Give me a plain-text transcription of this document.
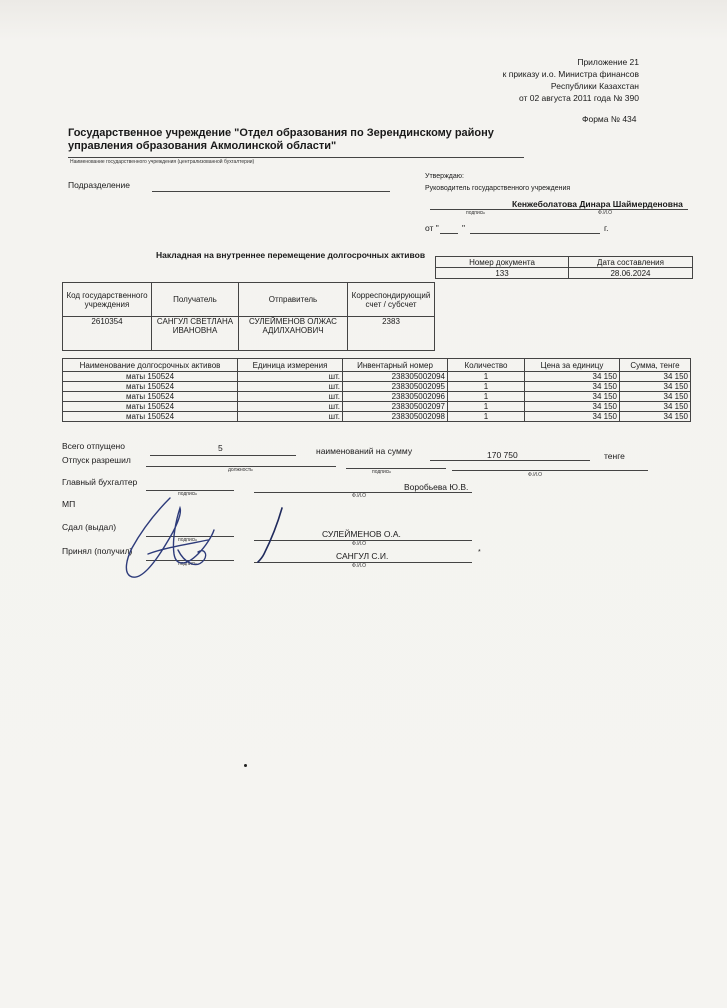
Приложение 21
к приказу и.о. Министра финансов
Республики Казахстан
от 02 августа 2011 года № 390
Форма № 434
Государственное учреждение "Отдел образования по Зерендинскому району управления образования Акмолинской области"
Наименование государственного учреждения (централизованной бухгалтерии)
Подразделение
Утверждаю:
Руководитель государственного учреждения
Кенжеболатова Динара Шаймерденовна
подпись	Ф.И.О
от "	"	г.
Накладная на внутреннее перемещение долгосрочных активов
Номер документа	Дата составления
133	28.06.2024
Код государственного учреждения	Получатель	Отправитель	Корреспондирующий счет / субсчет
2610354	САНГУЛ СВЕТЛАНА ИВАНОВНА	СУЛЕЙМЕНОВ ОЛЖАС АДИЛХАНОВИЧ	2383
Наименование долгосрочных активов	Единица измерения	Инвентарный номер	Количество	Цена за единицу	Сумма, тенге
маты 150524	шт.	238305002094	1	34 150	34 150
маты 150524	шт.	238305002095	1	34 150	34 150
маты 150524	шт.	238305002096	1	34 150	34 150
маты 150524	шт.	238305002097	1	34 150	34 150
маты 150524	шт.	238305002098	1	34 150	34 150
Всего отпущено	5	наименований на сумму	170 750	тенге
Отпуск разрешил
должность	подпись	Ф.И.О
Главный бухгалтер
подпись
Воробьева Ю.В.
Ф.И.О
МП
Сдал (выдал)
подпись
СУЛЕЙМЕНОВ О.А.
Ф.И.О
Принял (получил)
подпись
САНГУЛ С.И.
Ф.И.О
*
